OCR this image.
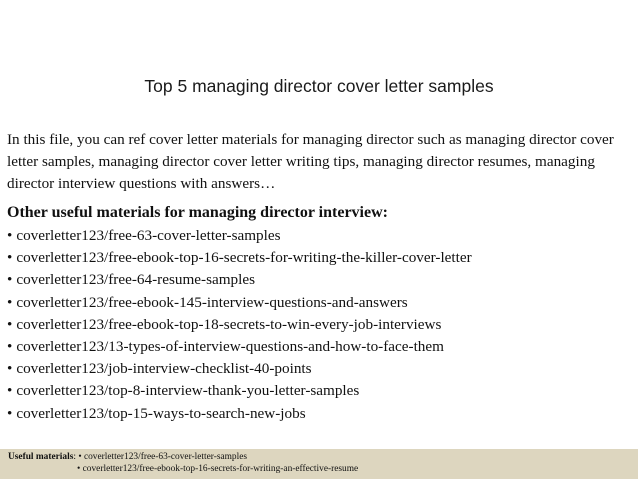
Top 5 managing director cover letter samples
In this file, you can ref cover letter materials for managing director such as managing director cover letter samples, managing director cover letter writing tips, managing director resumes, managing director interview questions with answers…
Other useful materials for managing director interview:
• coverletter123/free-63-cover-letter-samples
• coverletter123/free-ebook-top-16-secrets-for-writing-the-killer-cover-letter
• coverletter123/free-64-resume-samples
• coverletter123/free-ebook-145-interview-questions-and-answers
• coverletter123/free-ebook-top-18-secrets-to-win-every-job-interviews
• coverletter123/13-types-of-interview-questions-and-how-to-face-them
• coverletter123/job-interview-checklist-40-points
• coverletter123/top-8-interview-thank-you-letter-samples
• coverletter123/top-15-ways-to-search-new-jobs
Useful materials: • coverletter123/free-63-cover-letter-samples
• coverletter123/free-ebook-top-16-secrets-for-writing-an-effective-resume
